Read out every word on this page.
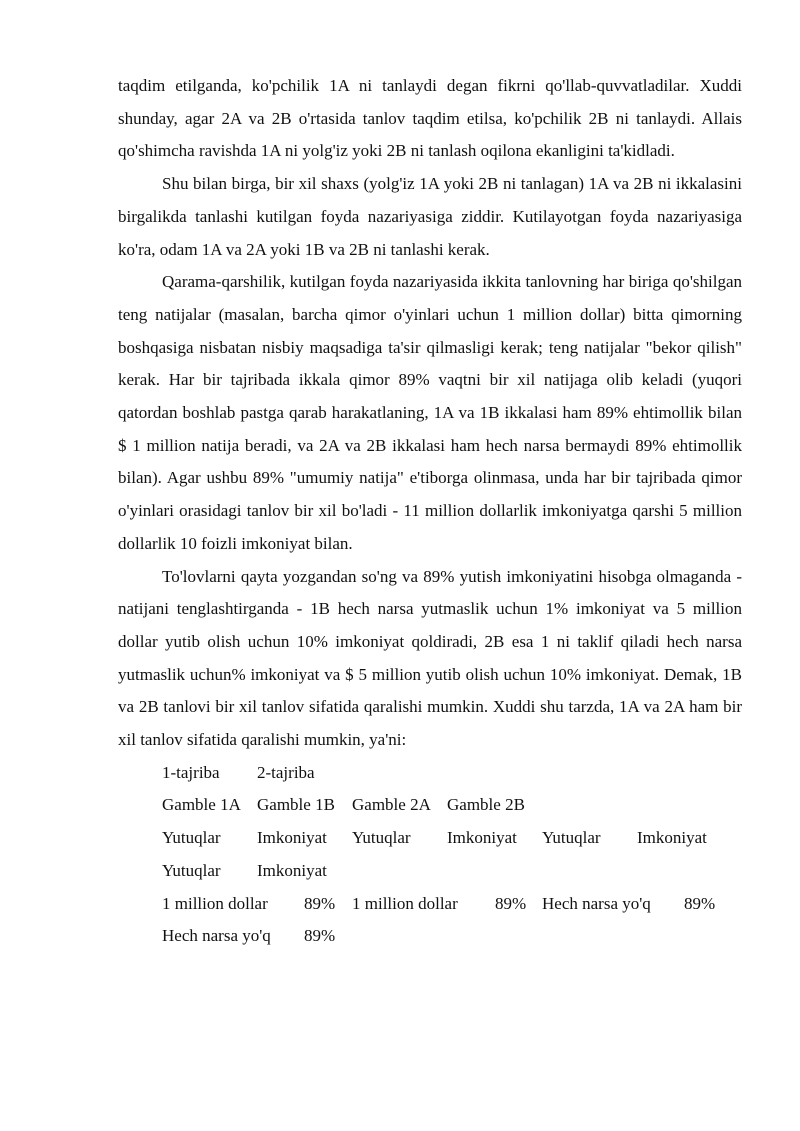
taqdim etilganda, ko'pchilik 1A ni tanlaydi degan fikrni qo'llab-quvvatladilar. Xuddi shunday, agar 2A va 2B o'rtasida tanlov taqdim etilsa, ko'pchilik 2B ni tanlaydi. Allais qo'shimcha ravishda 1A ni yolg'iz yoki 2B ni tanlash oqilona ekanligini ta'kidladi.

Shu bilan birga, bir xil shaxs (yolg'iz 1A yoki 2B ni tanlagan) 1A va 2B ni ikkalasini birgalikda tanlashi kutilgan foyda nazariyasiga ziddir. Kutilayotgan foyda nazariyasiga ko'ra, odam 1A va 2A yoki 1B va 2B ni tanlashi kerak.

Qarama-qarshilik, kutilgan foyda nazariyasida ikkita tanlovning har biriga qo'shilgan teng natijalar (masalan, barcha qimor o'yinlari uchun 1 million dollar) bitta qimorning boshqasiga nisbatan nisbiy maqsadiga ta'sir qilmasligi kerak; teng natijalar "bekor qilish" kerak. Har bir tajribada ikkala qimor 89% vaqtni bir xil natijaga olib keladi (yuqori qatordan boshlab pastga qarab harakatlaning, 1A va 1B ikkalasi ham 89% ehtimollik bilan $ 1 million natija beradi, va 2A va 2B ikkalasi ham hech narsa bermaydi 89% ehtimollik bilan). Agar ushbu 89% "umumiy natija" e'tiborga olinmasa, unda har bir tajribada qimor o'yinlari orasidagi tanlov bir xil bo'ladi - 11 million dollarlik imkoniyatga qarshi 5 million dollarlik 10 foizli imkoniyat bilan.

To'lovlarni qayta yozgandan so'ng va 89% yutish imkoniyatini hisobga olmaganda - natijani tenglashtirganda - 1B hech narsa yutmaslik uchun 1% imkoniyat va 5 million dollar yutib olish uchun 10% imkoniyat qoldiradi, 2B esa 1 ni taklif qiladi hech narsa yutmaslik uchun% imkoniyat va $ 5 million yutib olish uchun 10% imkoniyat. Demak, 1B va 2B tanlovi bir xil tanlov sifatida qaralishi mumkin. Xuddi shu tarzda, 1A va 2A ham bir xil tanlov sifatida qaralishi mumkin, ya'ni:

1-tajriba 2-tajriba
Gamble 1A Gamble 1B Gamble 2A Gamble 2B
Yutuqlar Imkoniyat Yutuqlar Imkoniyat Yutuqlar Imkoniyat
Yutuqlar Imkoniyat
1 million dollar 89% 1 million dollar 89% Hech narsa yo'q 89%
Hech narsa yo'q 89%
